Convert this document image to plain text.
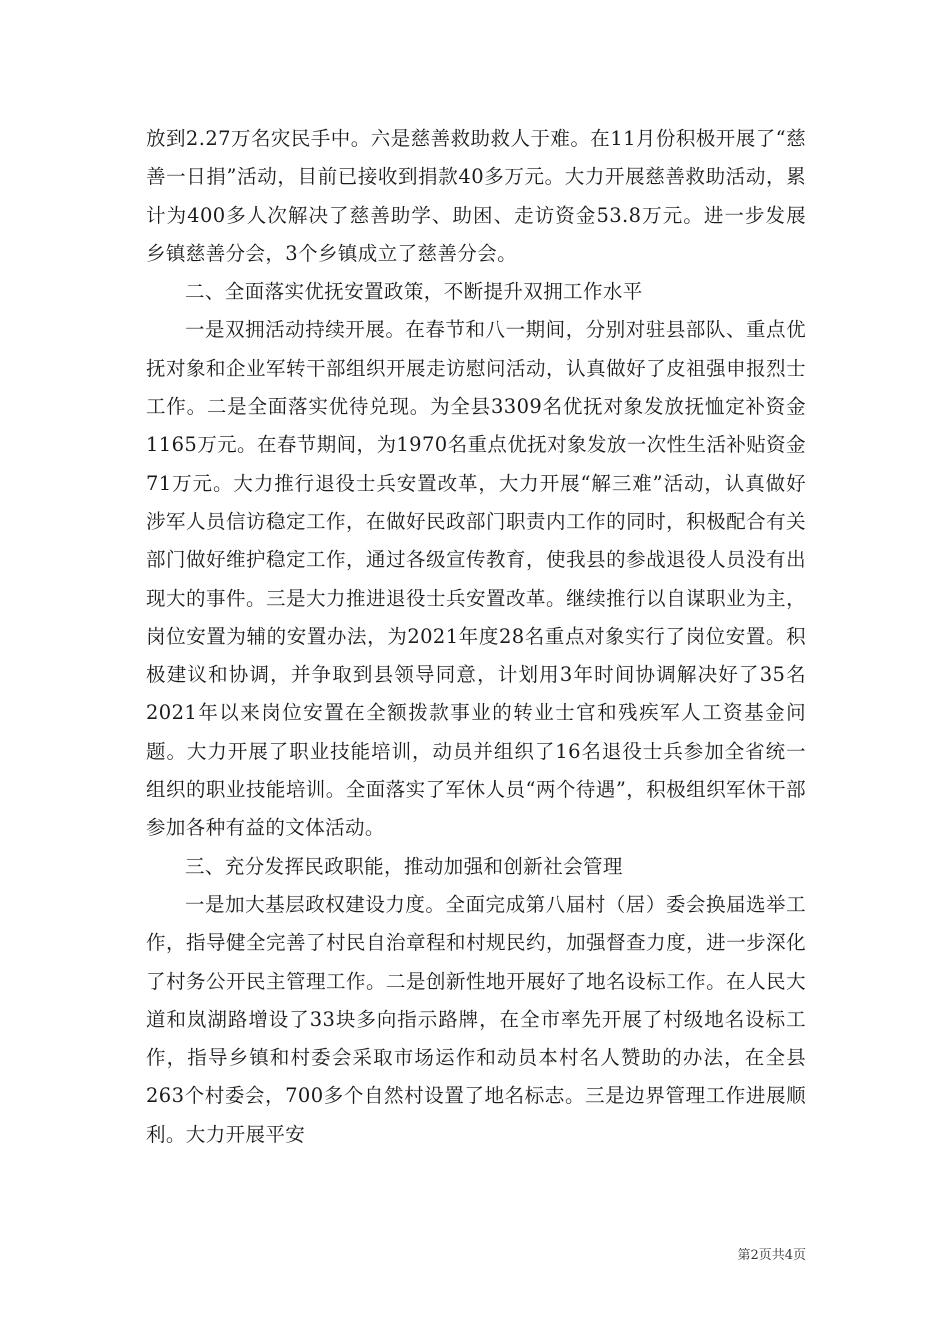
放到2.27万名灾民手中。六是慈善救助救人于难。在11月份积极开展了“慈善一日捐”活动，目前已接收到捐款40多万元。大力开展慈善救助活动，累计为400多人次解决了慈善助学、助困、走访资金53.8万元。进一步发展乡镇慈善分会，3个乡镇成立了慈善分会。

二、全面落实优抚安置政策，不断提升双拥工作水平

一是双拥活动持续开展。在春节和八一期间，分别对驻县部队、重点优抚对象和企业军转干部组织开展走访慰问活动，认真做好了皮祖强申报烈士工作。二是全面落实优待兑现。为全县3309名优抚对象发放抚恤定补资金1165万元。在春节期间，为1970名重点优抚对象发放一次性生活补贴资金71万元。大力推行退役士兵安置改革，大力开展“解三难”活动，认真做好涉军人员信访稳定工作，在做好民政部门职责内工作的同时，积极配合有关部门做好维护稳定工作，通过各级宣传教育，使我县的参战退役人员没有出现大的事件。三是大力推进退役士兵安置改革。继续推行以自谋职业为主，岗位安置为辅的安置办法，为2021年度28名重点对象实行了岗位安置。积极建议和协调，并争取到县领导同意，计划用3年时间协调解决好了35名2021年以来岗位安置在全额拨款事业的转业士官和残疾军人工资基金问题。大力开展了职业技能培训，动员并组织了16名退役士兵参加全省统一组织的职业技能培训。全面落实了军休人员“两个待遇”，积极组织军休干部参加各种有益的文体活动。

三、充分发挥民政职能，推动加强和创新社会管理

一是加大基层政权建设力度。全面完成第八届村（居）委会换届选举工作，指导健全完善了村民自治章程和村规民约，加强督查力度，进一步深化了村务公开民主管理工作。二是创新性地开展好了地名设标工作。在人民大道和岚湖路增设了33块多向指示路牌，在全市率先开展了村级地名设标工作，指导乡镇和村委会采取市场运作和动员本村名人赞助的办法，在全县263个村委会，700多个自然村设置了地名标志。三是边界管理工作进展顺利。大力开展平安

第2页共4页
